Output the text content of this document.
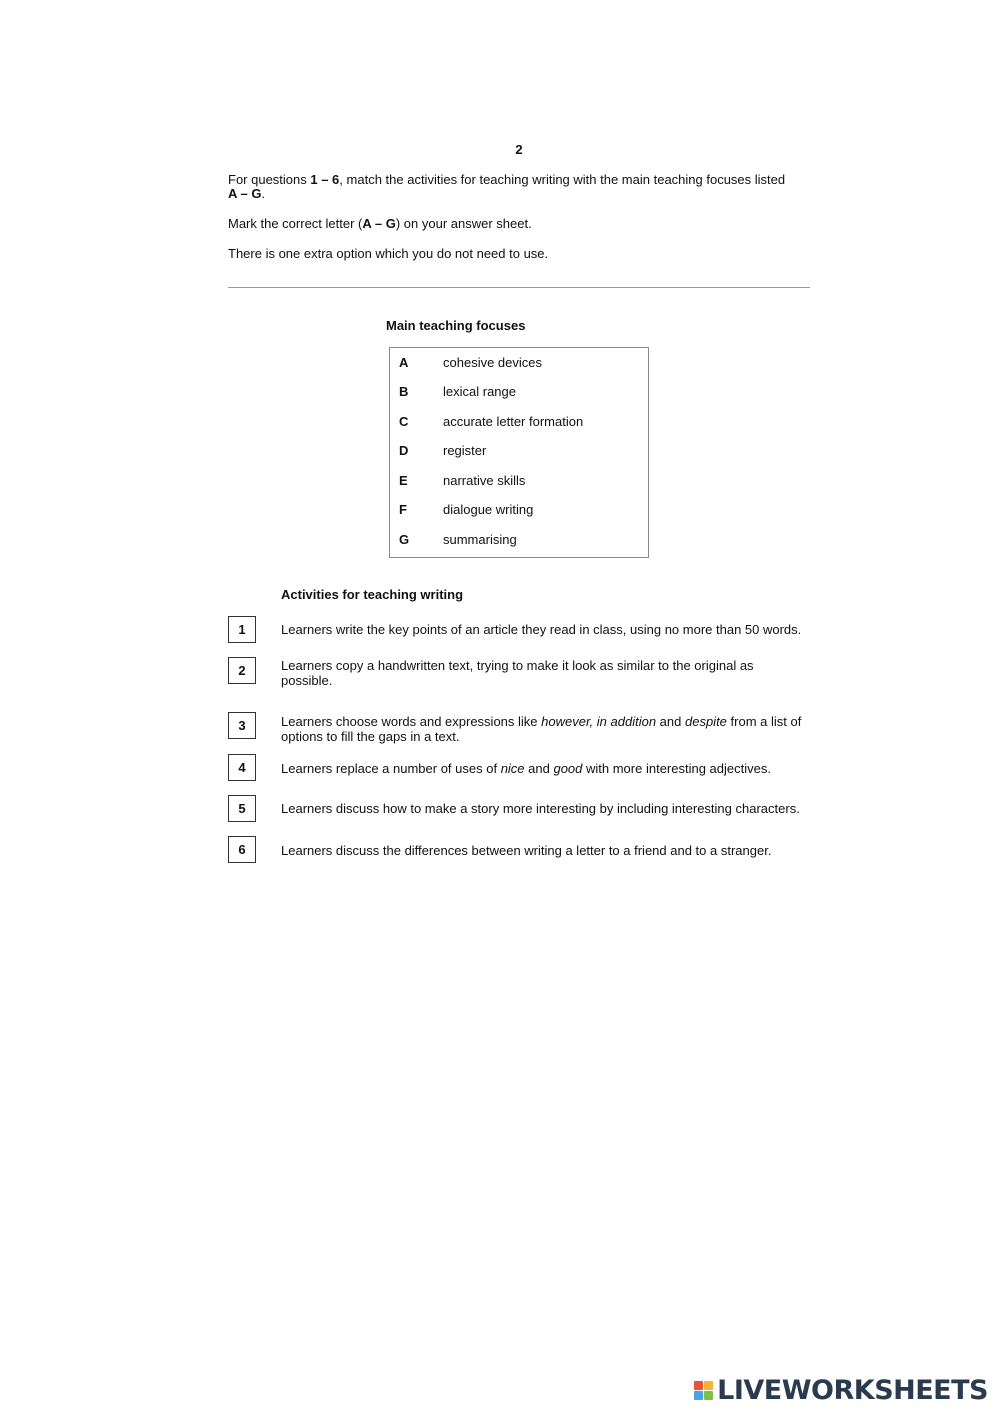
2
For questions 1 – 6, match the activities for teaching writing with the main teaching focuses listed
A – G.
Mark the correct letter (A – G) on your answer sheet.
There is one extra option which you do not need to use.
Main teaching focuses
A	cohesive devices
B	lexical range
C	accurate letter formation
D	register
E	narrative skills
F	dialogue writing
G	summarising
Activities for teaching writing
1	Learners write the key points of an article they read in class, using no more than 50 words.
2	Learners copy a handwritten text, trying to make it look as similar to the original as possible.
3	Learners choose words and expressions like however, in addition and despite from a list of options to fill the gaps in a text.
4	Learners replace a number of uses of nice and good with more interesting adjectives.
5	Learners discuss how to make a story more interesting by including interesting characters.
6	Learners discuss the differences between writing a letter to a friend and to a stranger.
LIVEWORKSHEETS
